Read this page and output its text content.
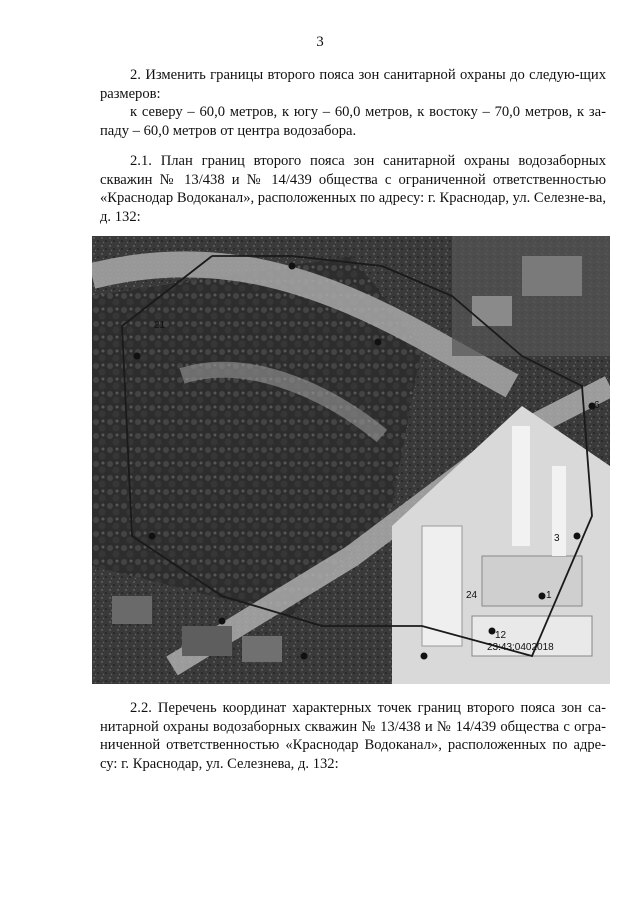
3

2. Изменить границы второго пояса зон санитарной охраны до следую-щих размеров:

к северу – 60,0 метров, к югу – 60,0 метров, к востоку – 70,0 метров, к за-паду – 60,0 метров от центра водозабора.

2.1. План границ второго пояса зон санитарной охраны водозаборных скважин № 13/438 и № 14/439 общества с ограниченной ответственностью «Краснодар Водоканал», расположенных по адресу: г. Краснодар, ул. Селезне-ва, д. 132:

21
6
12
3
1
24
23:43:0402018

2.2. Перечень координат характерных точек границ второго пояса зон са-нитарной охраны водозаборных скважин № 13/438 и № 14/439 общества с огра-ниченной ответственностью «Краснодар Водоканал», расположенных по адре-су: г. Краснодар, ул. Селезнева, д. 132:
